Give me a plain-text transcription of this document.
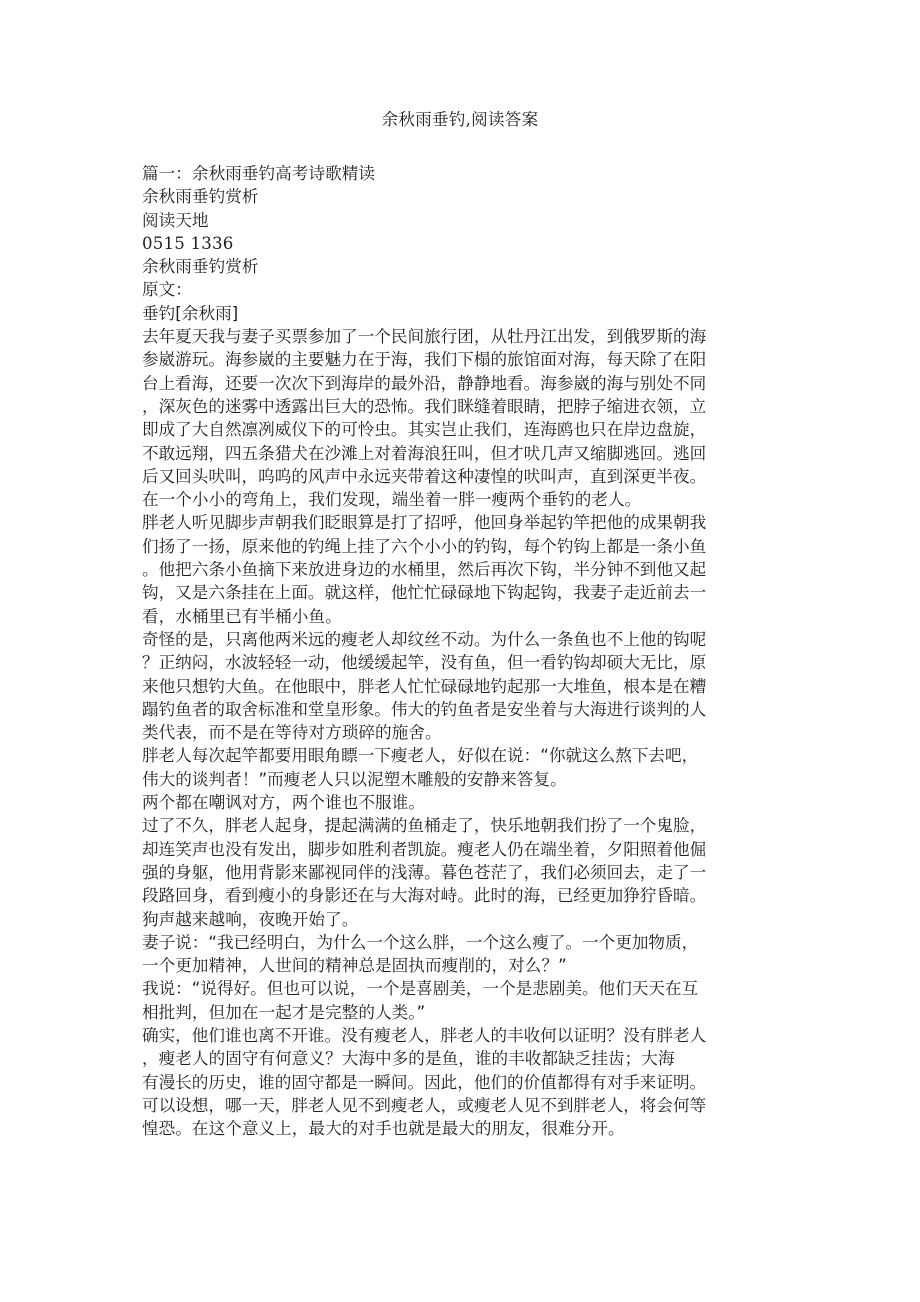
余秋雨垂钓,阅读答案
篇一：余秋雨垂钓高考诗歌精读
余秋雨垂钓赏析
阅读天地
0515 1336
余秋雨垂钓赏析
原文：
垂钓[余秋雨]
去年夏天我与妻子买票参加了一个民间旅行团，从牡丹江出发，到俄罗斯的海
参崴游玩。海参崴的主要魅力在于海，我们下榻的旅馆面对海，每天除了在阳
台上看海，还要一次次下到海岸的最外沿，静静地看。海参崴的海与别处不同
，深灰色的迷雾中透露出巨大的恐怖。我们眯缝着眼睛，把脖子缩进衣领，立
即成了大自然凛冽威仪下的可怜虫。其实岂止我们，连海鸥也只在岸边盘旋，
不敢远翔，四五条猎犬在沙滩上对着海浪狂叫，但才吠几声又缩脚逃回。逃回
后又回头吠叫，呜呜的风声中永远夹带着这种凄惶的吠叫声，直到深更半夜。
在一个小小的弯角上，我们发现，端坐着一胖一瘦两个垂钓的老人。
胖老人听见脚步声朝我们眨眼算是打了招呼，他回身举起钓竿把他的成果朝我
们扬了一扬，原来他的钓绳上挂了六个小小的钓钩，每个钓钩上都是一条小鱼
。他把六条小鱼摘下来放进身边的水桶里，然后再次下钩，半分钟不到他又起
钩，又是六条挂在上面。就这样，他忙忙碌碌地下钩起钩，我妻子走近前去一
看，水桶里已有半桶小鱼。
奇怪的是，只离他两米远的瘦老人却纹丝不动。为什么一条鱼也不上他的钩呢
？正纳闷，水波轻轻一动，他缓缓起竿，没有鱼，但一看钓钩却硕大无比，原
来他只想钓大鱼。在他眼中，胖老人忙忙碌碌地钓起那一大堆鱼，根本是在糟
蹋钓鱼者的取舍标准和堂皇形象。伟大的钓鱼者是安坐着与大海进行谈判的人
类代表，而不是在等待对方琐碎的施舍。
胖老人每次起竿都要用眼角瞟一下瘦老人，好似在说：“你就这么熬下去吧，
伟大的谈判者！”而瘦老人只以泥塑木雕般的安静来答复。
两个都在嘲讽对方，两个谁也不服谁。
过了不久，胖老人起身，提起满满的鱼桶走了，快乐地朝我们扮了一个鬼脸，
却连笑声也没有发出，脚步如胜利者凯旋。瘦老人仍在端坐着，夕阳照着他倔
强的身躯，他用背影来鄙视同伴的浅薄。暮色苍茫了，我们必须回去，走了一
段路回身，看到瘦小的身影还在与大海对峙。此时的海，已经更加狰狞昏暗。
狗声越来越响，夜晚开始了。
妻子说：“我已经明白，为什么一个这么胖，一个这么瘦了。一个更加物质，
一个更加精神，人世间的精神总是固执而瘦削的，对么？”
我说：“说得好。但也可以说，一个是喜剧美，一个是悲剧美。他们天天在互
相批判，但加在一起才是完整的人类。”
确实，他们谁也离不开谁。没有瘦老人，胖老人的丰收何以证明？没有胖老人
，瘦老人的固守有何意义？大海中多的是鱼，谁的丰收都缺乏挂齿；大海
有漫长的历史，谁的固守都是一瞬间。因此，他们的价值都得有对手来证明。
可以设想，哪一天，胖老人见不到瘦老人，或瘦老人见不到胖老人，将会何等
惶恐。在这个意义上，最大的对手也就是最大的朋友，很难分开。
